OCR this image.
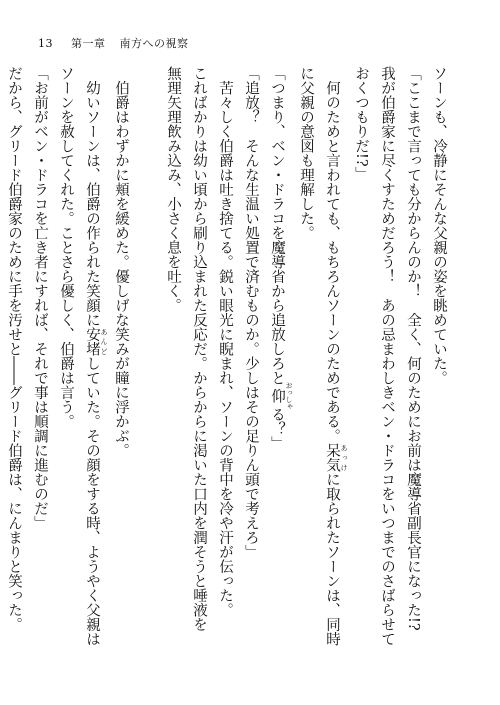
13 第一章 南方への視察

ソーンも、冷静にそんな父親の姿を眺めていた。

「ここまで言っても分からんのか！　全く、何のためにお前は魔導省副長官になった!?

我が伯爵家に尽くすためだろう！　あの忌まわしきベン・ドラコをいつまでのさばらせて

おくつもりだ!?」

　何のためと言われても、もちろんソーンのためである。呆気 あっけに取られたソーンは、同時

に父親の意図も理解した。

「つまり、ベン・ドラコを魔導省から追放しろと仰 おっしゃる？」

「追放？　そんな生温い処置で済むものか。少しはその足りん頭で考えろ」

　苦々しく伯爵は吐き捨てる。鋭い眼光に睨まれ、ソーンの背中を冷や汗が伝った。

こればかりは幼い頃から刷り込まれた反応だ。からからに渇いた口内を潤そうと唾液を

無理矢理飲み込み、小さく息を吐く。

　伯爵はわずかに頬を緩めた。優しげな笑みが瞳に浮かぶ。

　幼いソーンは、伯爵の作られた笑顔に安堵 あんどしていた。その顔をする時、ようやく父親は

ソーンを赦してくれた。ことさら優しく、伯爵は言う。

「お前がベン・ドラコを亡き者にすれば、それで事は順調に進むのだ」

だから、グリード伯爵家のために手を汚せと――グリード伯爵は、にんまりと笑った。
